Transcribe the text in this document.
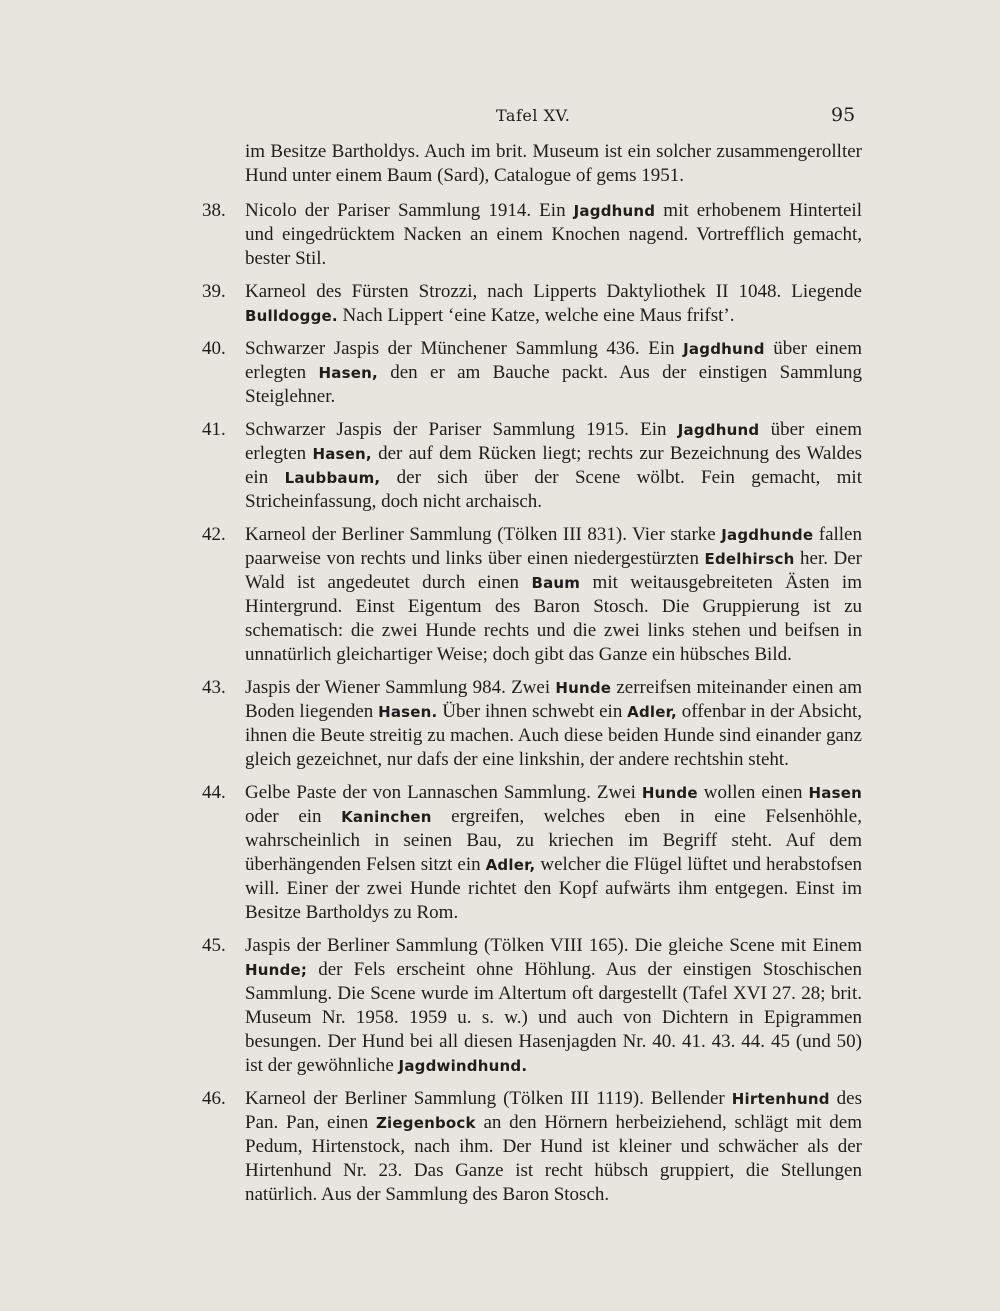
Tafel XV.	95
im Besitze Bartholdys. Auch im brit. Museum ist ein solcher zusammengerollter Hund unter einem Baum (Sard), Catalogue of gems 1951.
38. Nicolo der Pariser Sammlung 1914. Ein Jagdhund mit erhobenem Hinterteil und eingedrücktem Nacken an einem Knochen nagend. Vortrefflich gemacht, bester Stil.
39. Karneol des Fürsten Strozzi, nach Lipperts Daktyliothek II 1048. Liegende Bulldogge. Nach Lippert ‘eine Katze, welche eine Maus frifst’.
40. Schwarzer Jaspis der Münchener Sammlung 436. Ein Jagdhund über einem erlegten Hasen, den er am Bauche packt. Aus der einstigen Sammlung Steiglehner.
41. Schwarzer Jaspis der Pariser Sammlung 1915. Ein Jagdhund über einem erlegten Hasen, der auf dem Rücken liegt; rechts zur Bezeichnung des Waldes ein Laubbaum, der sich über der Scene wölbt. Fein gemacht, mit Stricheinfassung, doch nicht archaisch.
42. Karneol der Berliner Sammlung (Tölken III 831). Vier starke Jagdhunde fallen paarweise von rechts und links über einen niedergestürzten Edelhirsch her. Der Wald ist angedeutet durch einen Baum mit weitausgebreiteten Ästen im Hintergrund. Einst Eigentum des Baron Stosch. Die Gruppierung ist zu schematisch: die zwei Hunde rechts und die zwei links stehen und beifsen in unnatürlich gleichartiger Weise; doch gibt das Ganze ein hübsches Bild.
43. Jaspis der Wiener Sammlung 984. Zwei Hunde zerreifsen miteinander einen am Boden liegenden Hasen. Über ihnen schwebt ein Adler, offenbar in der Absicht, ihnen die Beute streitig zu machen. Auch diese beiden Hunde sind einander ganz gleich gezeichnet, nur dafs der eine linkshin, der andere rechtshin steht.
44. Gelbe Paste der von Lannaschen Sammlung. Zwei Hunde wollen einen Hasen oder ein Kaninchen ergreifen, welches eben in eine Felsenhöhle, wahrscheinlich in seinen Bau, zu kriechen im Begriff steht. Auf dem überhängenden Felsen sitzt ein Adler, welcher die Flügel lüftet und herabstofsen will. Einer der zwei Hunde richtet den Kopf aufwärts ihm entgegen. Einst im Besitze Bartholdys zu Rom.
45. Jaspis der Berliner Sammlung (Tölken VIII 165). Die gleiche Scene mit Einem Hunde; der Fels erscheint ohne Höhlung. Aus der einstigen Stoschischen Sammlung. Die Scene wurde im Altertum oft dargestellt (Tafel XVI 27. 28; brit. Museum Nr. 1958. 1959 u. s. w.) und auch von Dichtern in Epigrammen besungen. Der Hund bei all diesen Hasenjagden Nr. 40. 41. 43. 44. 45 (und 50) ist der gewöhnliche Jagdwindhund.
46. Karneol der Berliner Sammlung (Tölken III 1119). Bellender Hirtenhund des Pan. Pan, einen Ziegenbock an den Hörnern herbeiziehend, schlägt mit dem Pedum, Hirtenstock, nach ihm. Der Hund ist kleiner und schwächer als der Hirtenhund Nr. 23. Das Ganze ist recht hübsch gruppiert, die Stellungen natürlich. Aus der Sammlung des Baron Stosch.
